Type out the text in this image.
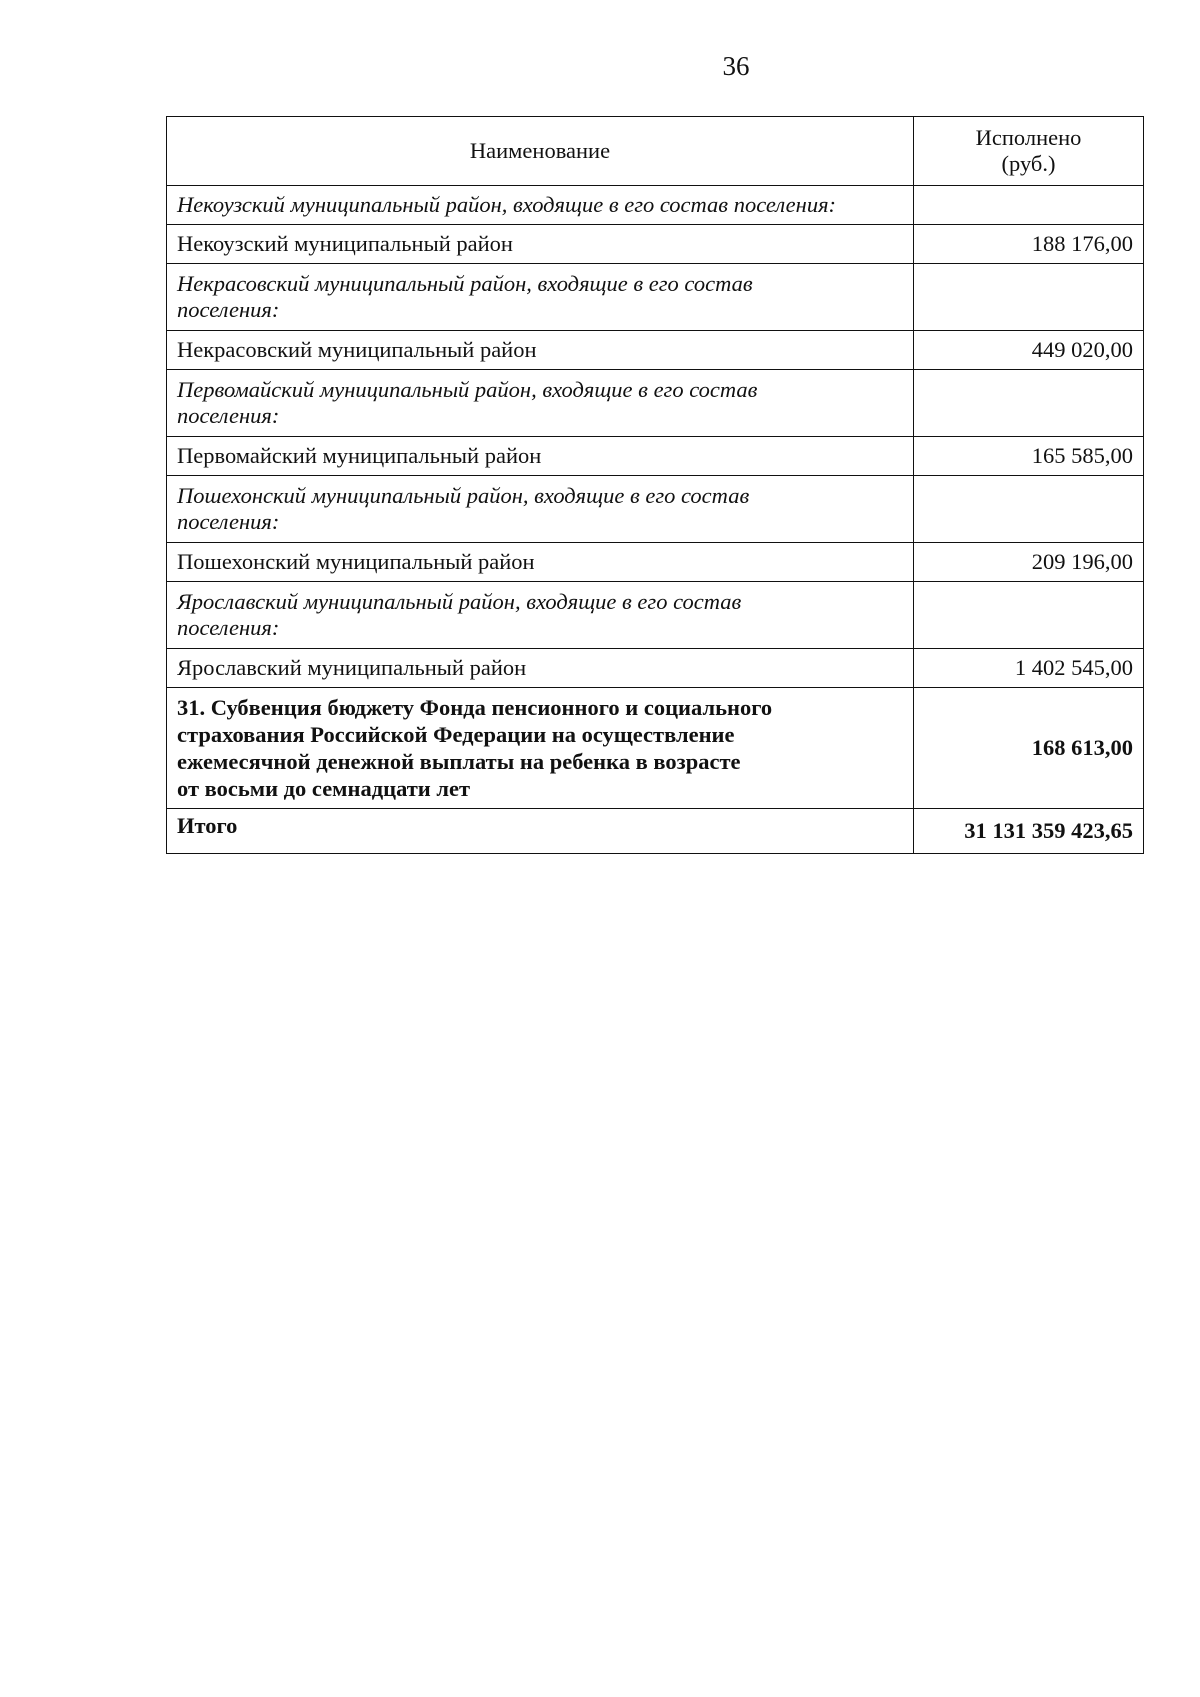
36
Наименование	Исполнено
(руб.)
Некоузский муниципальный район, входящие в его состав поселения:	
Некоузский муниципальный район	188 176,00
Некрасовский муниципальный район, входящие в его состав
поселения:	
Некрасовский муниципальный район	449 020,00
Первомайский муниципальный район, входящие в его состав
поселения:	
Первомайский муниципальный район	165 585,00
Пошехонский муниципальный район, входящие в его состав
поселения:	
Пошехонский муниципальный район	209 196,00
Ярославский муниципальный район, входящие в его состав
поселения:	
Ярославский муниципальный район	1 402 545,00
31. Субвенция бюджету Фонда пенсионного и социального
страхования Российской Федерации на осуществление
ежемесячной денежной выплаты на ребенка в возрасте
от восьми до семнадцати лет	168 613,00
Итого	31 131 359 423,65
